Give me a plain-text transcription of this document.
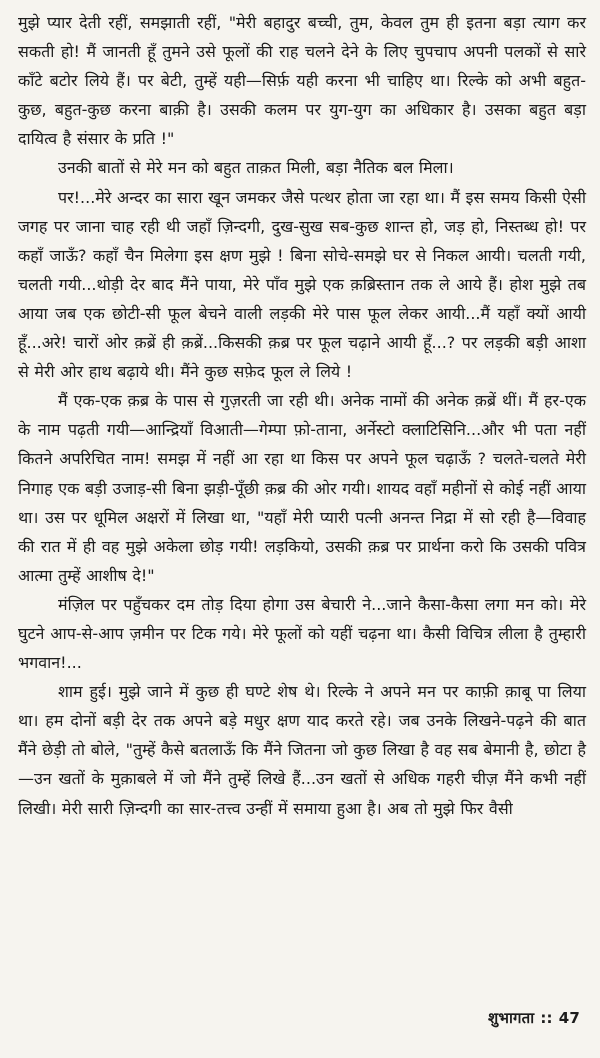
मुझे प्यार देती रहीं, समझाती रहीं, "मेरी बहादुर बच्ची, तुम, केवल तुम ही इतना बड़ा त्याग कर सकती हो! मैं जानती हूँ तुमने उसे फूलों की राह चलने देने के लिए चुपचाप अपनी पलकों से सारे काँटे बटोर लिये हैं। पर बेटी, तुम्हें यही—सिर्फ़ यही करना भी चाहिए था। रिल्के को अभी बहुत-कुछ, बहुत-कुछ करना बाक़ी है। उसकी कलम पर युग-युग का अधिकार है। उसका बहुत बड़ा दायित्व है संसार के प्रति !"

उनकी बातों से मेरे मन को बहुत ताक़त मिली, बड़ा नैतिक बल मिला।

पर!...मेरे अन्दर का सारा खून जमकर जैसे पत्थर होता जा रहा था। मैं इस समय किसी ऐसी जगह पर जाना चाह रही थी जहाँ ज़िन्दगी, दुख-सुख सब-कुछ शान्त हो, जड़ हो, निस्तब्ध हो! पर कहाँ जाऊँ? कहाँ चैन मिलेगा इस क्षण मुझे ! बिना सोचे-समझे घर से निकल आयी। चलती गयी, चलती गयी...थोड़ी देर बाद मैंने पाया, मेरे पाँव मुझे एक क़ब्रिस्तान तक ले आये हैं। होश मुझे तब आया जब एक छोटी-सी फूल बेचने वाली लड़की मेरे पास फूल लेकर आयी...मैं यहाँ क्यों आयी हूँ...अरे! चारों ओर क़ब्रें ही क़ब्रें...किसकी क़ब्र पर फूल चढ़ाने आयी हूँ...? पर लड़की बड़ी आशा से मेरी ओर हाथ बढ़ाये थी। मैंने कुछ सफ़ेद फूल ले लिये !

मैं एक-एक क़ब्र के पास से गुज़रती जा रही थी। अनेक नामों की अनेक क़ब्रें थीं। मैं हर-एक के नाम पढ़ती गयी—आन्द्रियाँ विआती—गेम्पा फ़ो-ताना, अर्नेस्टो क्लाटिसिनि...और भी पता नहीं कितने अपरिचित नाम! समझ में नहीं आ रहा था किस पर अपने फूल चढ़ाऊँ ? चलते-चलते मेरी निगाह एक बड़ी उजाड़-सी बिना झड़ी-पूँछी क़ब्र की ओर गयी। शायद वहाँ महीनों से कोई नहीं आया था। उस पर धूमिल अक्षरों में लिखा था, "यहाँ मेरी प्यारी पत्नी अनन्त निद्रा में सो रही है—विवाह की रात में ही वह मुझे अकेला छोड़ गयी! लड़कियो, उसकी क़ब्र पर प्रार्थना करो कि उसकी पवित्र आत्मा तुम्हें आशीष दे!"

मंज़िल पर पहुँचकर दम तोड़ दिया होगा उस बेचारी ने...जाने कैसा-कैसा लगा मन को। मेरे घुटने आप-से-आप ज़मीन पर टिक गये। मेरे फूलों को यहीं चढ़ना था। कैसी विचित्र लीला है तुम्हारी भगवान!...

शाम हुई। मुझे जाने में कुछ ही घण्टे शेष थे। रिल्के ने अपने मन पर काफ़ी क़ाबू पा लिया था। हम दोनों बड़ी देर तक अपने बड़े मधुर क्षण याद करते रहे। जब उनके लिखने-पढ़ने की बात मैंने छेड़ी तो बोले, "तुम्हें कैसे बतलाऊँ कि मैंने जितना जो कुछ लिखा है वह सब बेमानी है, छोटा है—उन खतों के मुक़ाबले में जो मैंने तुम्हें लिखे हैं...उन खतों से अधिक गहरी चीज़ मैंने कभी नहीं लिखी। मेरी सारी ज़िन्दगी का सार-तत्त्व उन्हीं में समाया हुआ है। अब तो मुझे फिर वैसी

शुभागता :: 47
